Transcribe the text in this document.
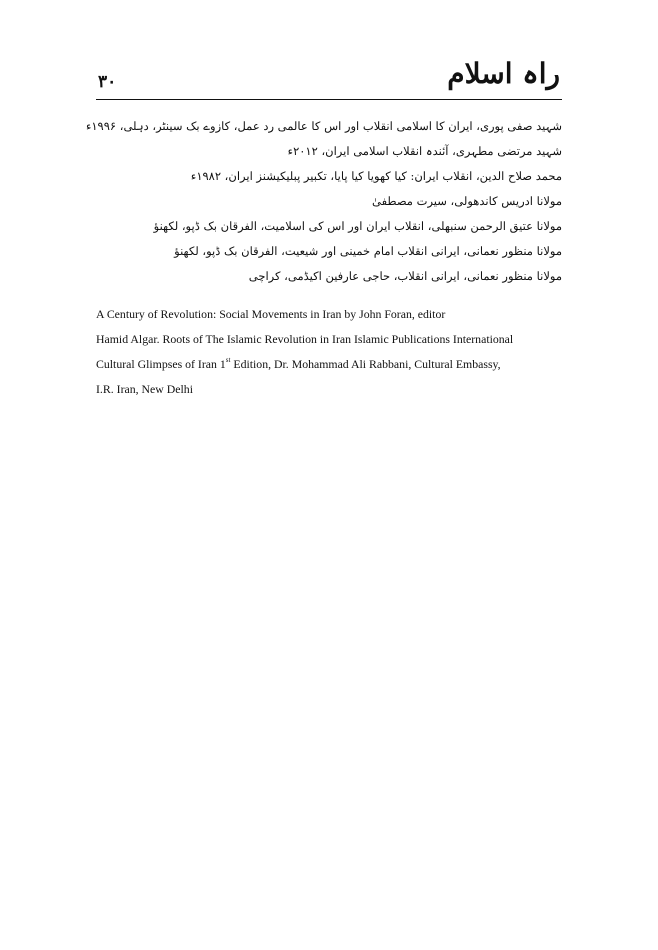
۳۰	راہ اسلام
شہید صفی پوری، ایران کا اسلامی انقلاب اور اس کا عالمی رد عمل، کازوے بک سینٹر، دہلی، ۱۹۹۶ء
شہید مرتضی مطہری، آئندہ انقلاب اسلامی ایران، ۲۰۱۲ء
محمد صلاح الدین، انقلاب ایران: کیا کھویا کیا پایا، تکبیر پبلیکیشنز ایران، ۱۹۸۲ء
مولانا ادریس کاندھولی، سیرت مصطفیٰ
مولانا عتیق الرحمن سنبھلی، انقلاب ایران اور اس کی اسلامیت، الفرقان بک ڈپو، لکھنؤ
مولانا منظور نعمانی، ایرانی انقلاب امام خمینی اور شیعیت، الفرقان بک ڈپو، لکھنؤ
مولانا منظور نعمانی، ایرانی انقلاب، حاجی عارفین اکیڈمی، کراچی
A Century of Revolution: Social Movements in Iran by John Foran, editor
Hamid Algar. Roots of The Islamic Revolution in Iran Islamic Publications International
Cultural Glimpses of Iran 1st Edition, Dr. Mohammad Ali Rabbani, Cultural Embassy,
I.R. Iran, New Delhi
